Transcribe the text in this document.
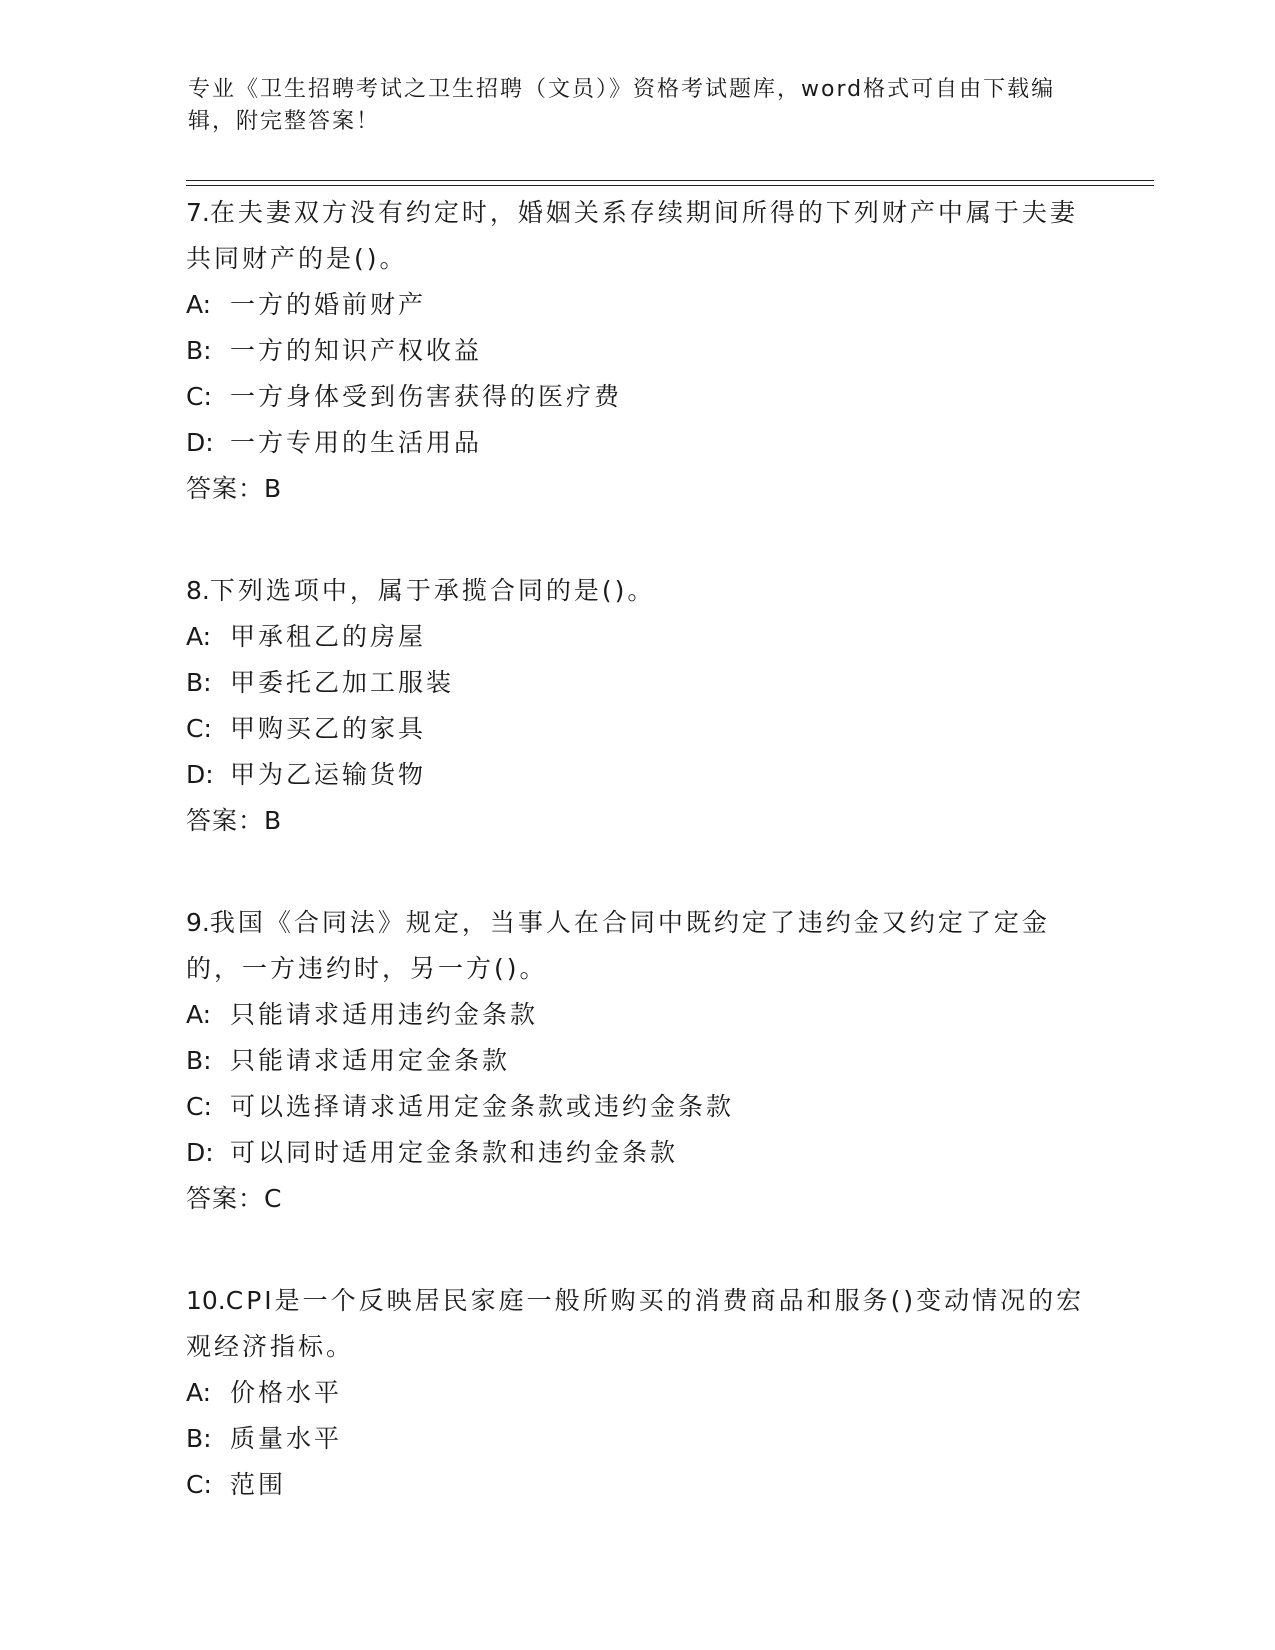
专业《卫生招聘考试之卫生招聘（文员）》资格考试题库，word格式可自由下载编辑，附完整答案！
7.在夫妻双方没有约定时，婚姻关系存续期间所得的下列财产中属于夫妻共同财产的是()。
A: 一方的婚前财产
B: 一方的知识产权收益
C: 一方身体受到伤害获得的医疗费
D: 一方专用的生活用品
答案：B
8.下列选项中，属于承揽合同的是()。
A: 甲承租乙的房屋
B: 甲委托乙加工服装
C: 甲购买乙的家具
D: 甲为乙运输货物
答案：B
9.我国《合同法》规定，当事人在合同中既约定了违约金又约定了定金的，一方违约时，另一方()。
A: 只能请求适用违约金条款
B: 只能请求适用定金条款
C: 可以选择请求适用定金条款或违约金条款
D: 可以同时适用定金条款和违约金条款
答案：C
10.CPI是一个反映居民家庭一般所购买的消费商品和服务()变动情况的宏观经济指标。
A: 价格水平
B: 质量水平
C: 范围
